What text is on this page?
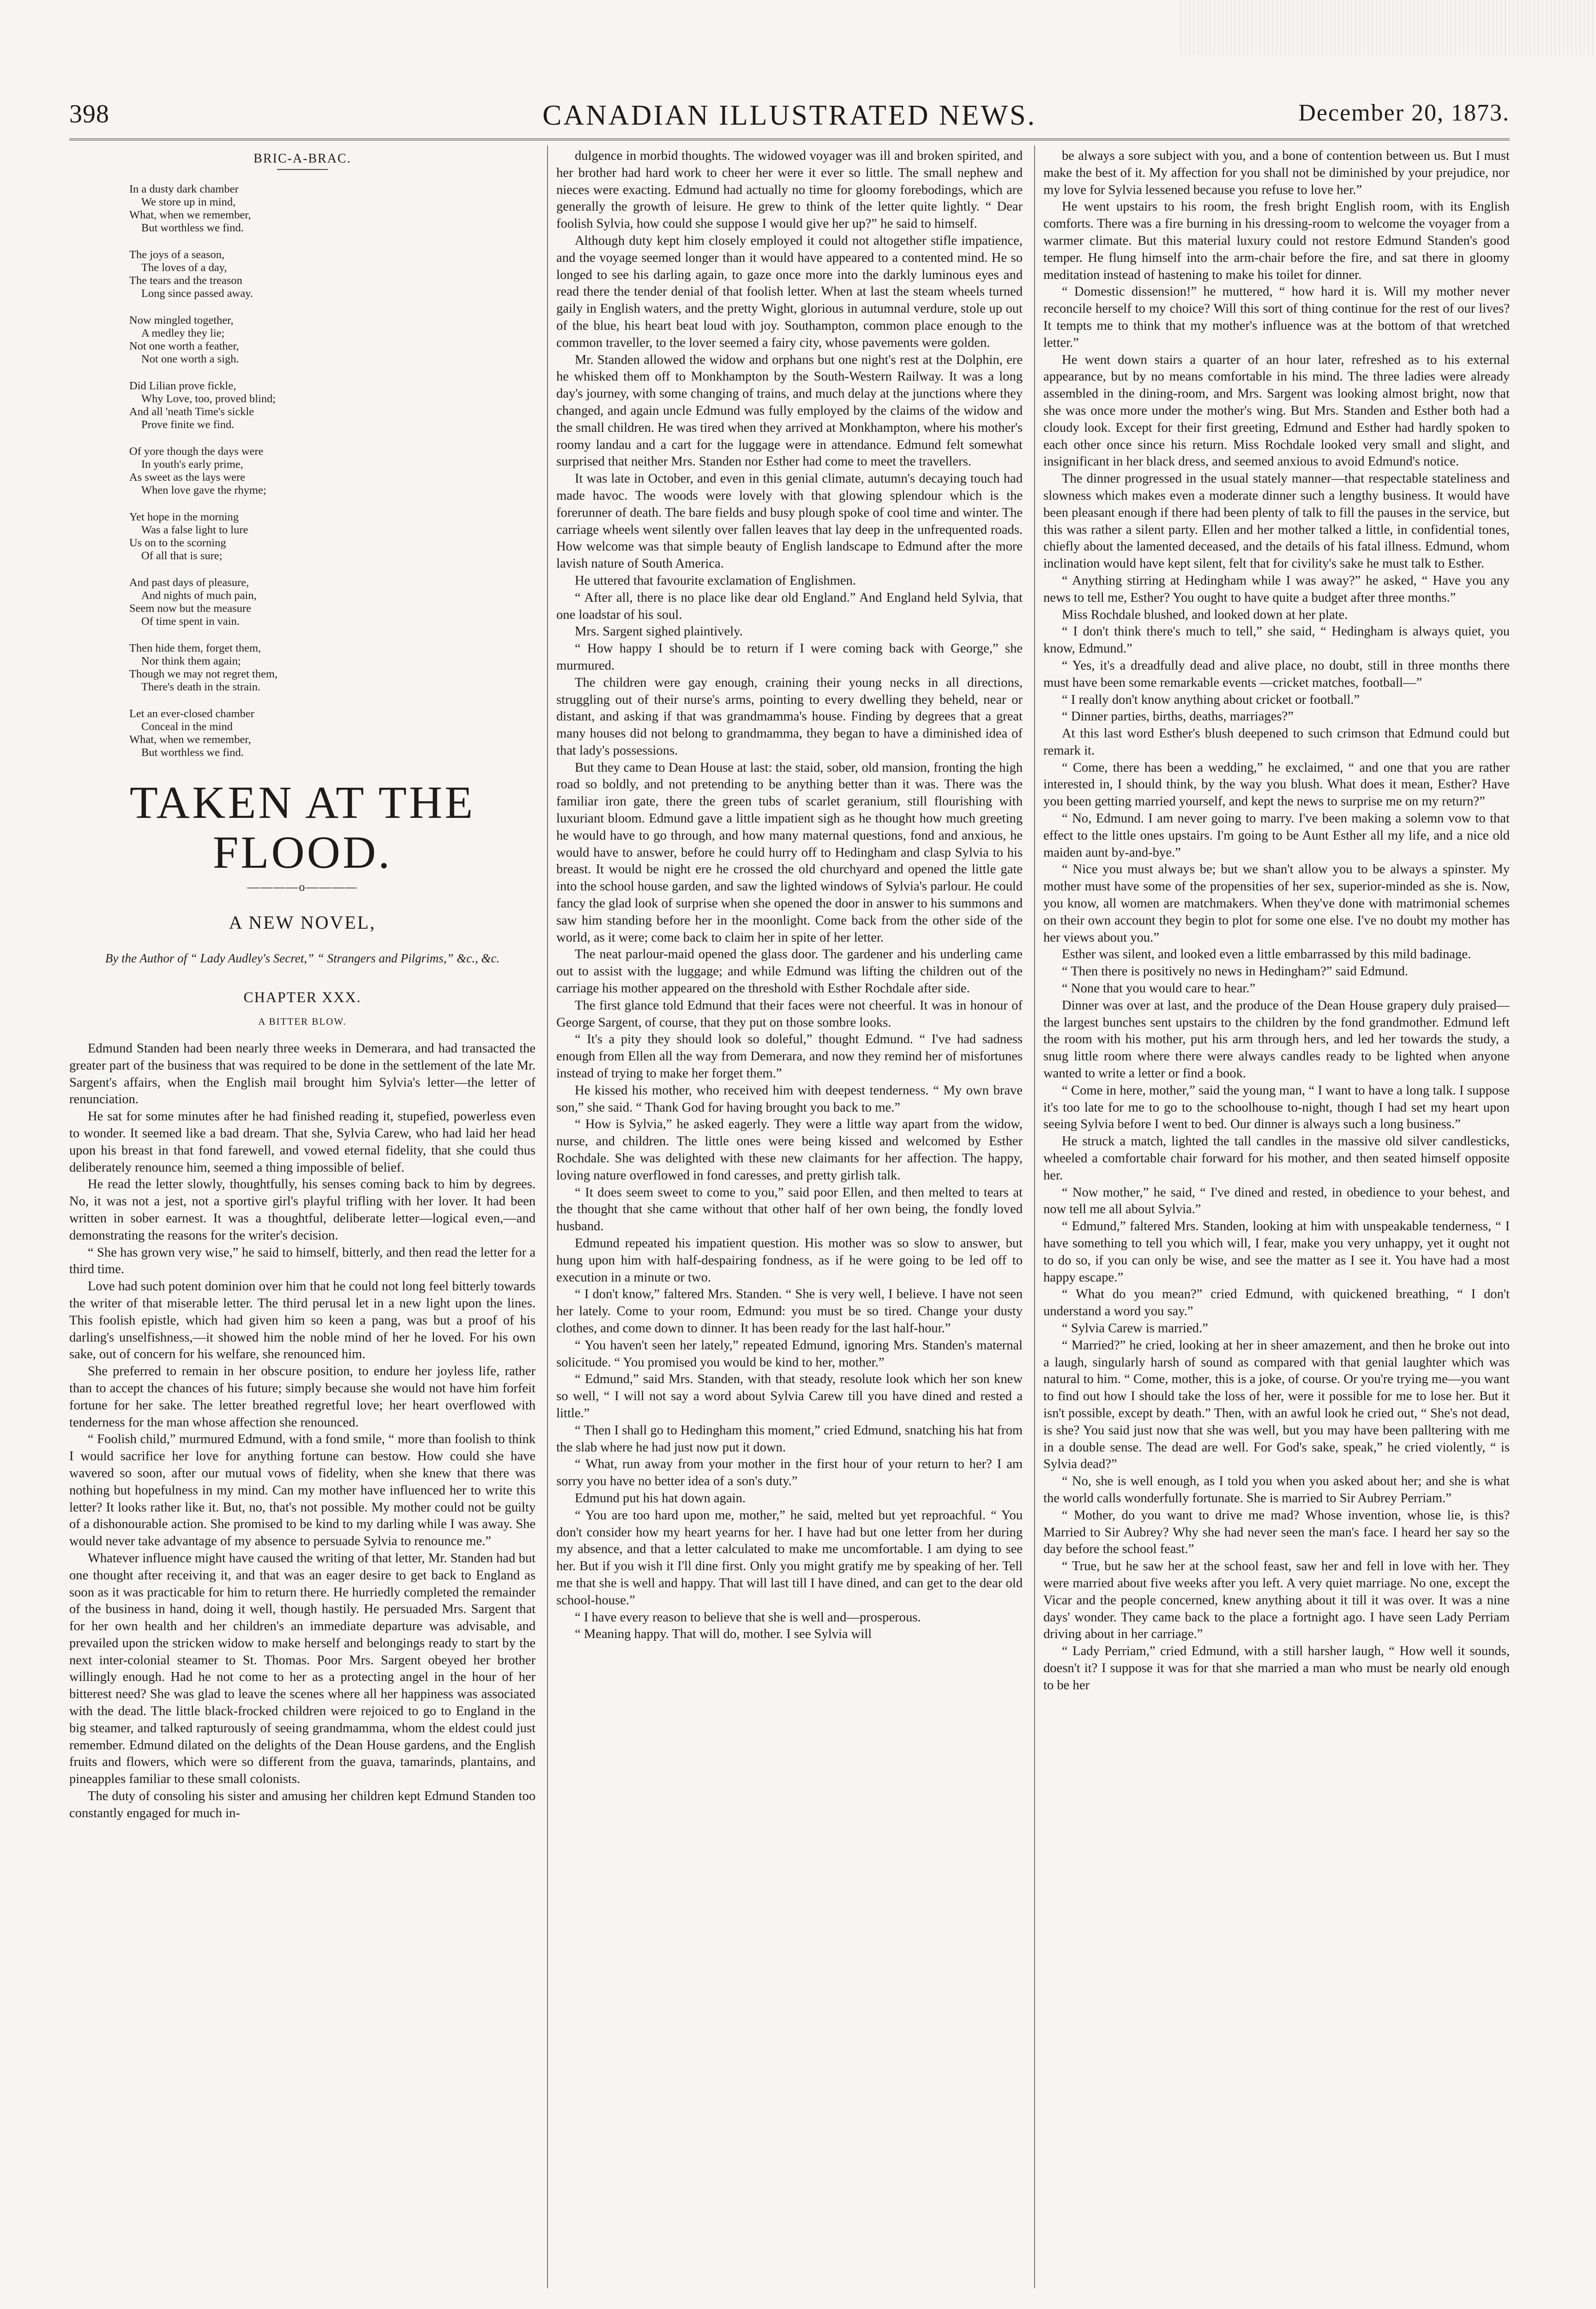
398	CANADIAN ILLUSTRATED NEWS.	December 20, 1873.
BRIC-A-BRAC.
In a dusty dark chamber
We store up in mind,
What, when we remember,
But worthless we find.
The joys of a season,
The loves of a day,
The tears and the treason
Long since passed away.
Now mingled together,
A medley they lie;
Not one worth a feather,
Not one worth a sigh.
Did Lilian prove fickle,
Why Love, too, proved blind;
And all 'neath Time's sickle
Prove finite we find.
Of yore though the days were
In youth's early prime,
As sweet as the lays were
When love gave the rhyme;
Yet hope in the morning
Was a false light to lure
Us on to the scorning
Of all that is sure;
And past days of pleasure,
And nights of much pain,
Seem now but the measure
Of time spent in vain.
Then hide them, forget them,
Nor think them again;
Though we may not regret them,
There's death in the strain.
Let an ever-closed chamber
Conceal in the mind
What, when we remember,
But worthless we find.
TAKEN AT THE FLOOD.
————o————
A NEW NOVEL,
By the Author of “ Lady Audley's Secret,” “ Strangers and Pilgrims,” &c., &c.
CHAPTER XXX.
A BITTER BLOW.

Edmund Standen had been nearly three weeks in Demerara, and had transacted the greater part of the business that was required to be done in the settlement of the late Mr. Sargent's affairs, when the English mail brought him Sylvia's letter—the letter of renunciation.

He sat for some minutes after he had finished reading it, stupefied, powerless even to wonder. It seemed like a bad dream. That she, Sylvia Carew, who had laid her head upon his breast in that fond farewell, and vowed eternal fidelity, that she could thus deliberately renounce him, seemed a thing impossible of belief.

He read the letter slowly, thoughtfully, his senses coming back to him by degrees. No, it was not a jest, not a sportive girl's playful trifling with her lover. It had been written in sober earnest. It was a thoughtful, deliberate letter—logical even,—and demonstrating the reasons for the writer's decision.

“ She has grown very wise,” he said to himself, bitterly, and then read the letter for a third time.

Love had such potent dominion over him that he could not long feel bitterly towards the writer of that miserable letter. The third perusal let in a new light upon the lines. This foolish epistle, which had given him so keen a pang, was but a proof of his darling's unselfishness,—it showed him the noble mind of her he loved. For his own sake, out of concern for his welfare, she renounced him.

She preferred to remain in her obscure position, to endure her joyless life, rather than to accept the chances of his future; simply because she would not have him forfeit fortune for her sake. The letter breathed regretful love; her heart overflowed with tenderness for the man whose affection she renounced.

“ Foolish child,” murmured Edmund, with a fond smile, “ more than foolish to think I would sacrifice her love for anything fortune can bestow. How could she have wavered so soon, after our mutual vows of fidelity, when she knew that there was nothing but hopefulness in my mind. Can my mother have influenced her to write this letter? It looks rather like it. But, no, that's not possible. My mother could not be guilty of a dishonourable action. She promised to be kind to my darling while I was away. She would never take advantage of my absence to persuade Sylvia to renounce me.”

Whatever influence might have caused the writing of that letter, Mr. Standen had but one thought after receiving it, and that was an eager desire to get back to England as soon as it was practicable for him to return there. He hurriedly completed the remainder of the business in hand, doing it well, though hastily. He persuaded Mrs. Sargent that for her own health and her children's an immediate departure was advisable, and prevailed upon the stricken widow to make herself and belongings ready to start by the next inter-colonial steamer to St. Thomas. Poor Mrs. Sargent obeyed her brother willingly enough. Had he not come to her as a protecting angel in the hour of her bitterest need? She was glad to leave the scenes where all her happiness was associated with the dead. The little black-frocked children were rejoiced to go to England in the big steamer, and talked rapturously of seeing grandmamma, whom the eldest could just remember. Edmund dilated on the delights of the Dean House gardens, and the English fruits and flowers, which were so different from the guava, tamarinds, plantains, and pineapples familiar to these small colonists.

The duty of consoling his sister and amusing her children kept Edmund Standen too constantly engaged for much in-

dulgence in morbid thoughts. The widowed voyager was ill and broken spirited, and her brother had hard work to cheer her were it ever so little. The small nephew and nieces were exacting. Edmund had actually no time for gloomy forebodings, which are generally the growth of leisure. He grew to think of the letter quite lightly. “ Dear foolish Sylvia, how could she suppose I would give her up?” he said to himself.

Although duty kept him closely employed it could not altogether stifle impatience, and the voyage seemed longer than it would have appeared to a contented mind. He so longed to see his darling again, to gaze once more into the darkly luminous eyes and read there the tender denial of that foolish letter. When at last the steam wheels turned gaily in English waters, and the pretty Wight, glorious in autumnal verdure, stole up out of the blue, his heart beat loud with joy. Southampton, common place enough to the common traveller, to the lover seemed a fairy city, whose pavements were golden.

Mr. Standen allowed the widow and orphans but one night's rest at the Dolphin, ere he whisked them off to Monkhampton by the South-Western Railway. It was a long day's journey, with some changing of trains, and much delay at the junctions where they changed, and again uncle Edmund was fully employed by the claims of the widow and the small children. He was tired when they arrived at Monkhampton, where his mother's roomy landau and a cart for the luggage were in attendance. Edmund felt somewhat surprised that neither Mrs. Standen nor Esther had come to meet the travellers.

It was late in October, and even in this genial climate, autumn's decaying touch had made havoc. The woods were lovely with that glowing splendour which is the forerunner of death. The bare fields and busy plough spoke of cool time and winter. The carriage wheels went silently over fallen leaves that lay deep in the unfrequented roads. How welcome was that simple beauty of English landscape to Edmund after the more lavish nature of South America.

He uttered that favourite exclamation of Englishmen.

“ After all, there is no place like dear old England.” And England held Sylvia, that one loadstar of his soul.

Mrs. Sargent sighed plaintively.

“ How happy I should be to return if I were coming back with George,” she murmured.

The children were gay enough, craining their young necks in all directions, struggling out of their nurse's arms, pointing to every dwelling they beheld, near or distant, and asking if that was grandmamma's house. Finding by degrees that a great many houses did not belong to grandmamma, they began to have a diminished idea of that lady's possessions.

But they came to Dean House at last: the staid, sober, old mansion, fronting the high road so boldly, and not pretending to be anything better than it was. There was the familiar iron gate, there the green tubs of scarlet geranium, still flourishing with luxuriant bloom. Edmund gave a little impatient sigh as he thought how much greeting he would have to go through, and how many maternal questions, fond and anxious, he would have to answer, before he could hurry off to Hedingham and clasp Sylvia to his breast. It would be night ere he crossed the old churchyard and opened the little gate into the school house garden, and saw the lighted windows of Sylvia's parlour. He could fancy the glad look of surprise when she opened the door in answer to his summons and saw him standing before her in the moonlight. Come back from the other side of the world, as it were; come back to claim her in spite of her letter.

The neat parlour-maid opened the glass door. The gardener and his underling came out to assist with the luggage; and while Edmund was lifting the children out of the carriage his mother appeared on the threshold with Esther Rochdale after side.

The first glance told Edmund that their faces were not cheerful. It was in honour of George Sargent, of course, that they put on those sombre looks.

“ It's a pity they should look so doleful,” thought Edmund. “ I've had sadness enough from Ellen all the way from Demerara, and now they remind her of misfortunes instead of trying to make her forget them.”

He kissed his mother, who received him with deepest tenderness. “ My own brave son,” she said. “ Thank God for having brought you back to me.”

“ How is Sylvia,” he asked eagerly. They were a little way apart from the widow, nurse, and children. The little ones were being kissed and welcomed by Esther Rochdale. She was delighted with these new claimants for her affection. The happy, loving nature overflowed in fond caresses, and pretty girlish talk.

“ It does seem sweet to come to you,” said poor Ellen, and then melted to tears at the thought that she came without that other half of her own being, the fondly loved husband.

Edmund repeated his impatient question. His mother was so slow to answer, but hung upon him with half-despairing fondness, as if he were going to be led off to execution in a minute or two.

“ I don't know,” faltered Mrs. Standen. “ She is very well, I believe. I have not seen her lately. Come to your room, Edmund: you must be so tired. Change your dusty clothes, and come down to dinner. It has been ready for the last half-hour.”

“ You haven't seen her lately,” repeated Edmund, ignoring Mrs. Standen's maternal solicitude. “ You promised you would be kind to her, mother.”

“ Edmund,” said Mrs. Standen, with that steady, resolute look which her son knew so well, “ I will not say a word about Sylvia Carew till you have dined and rested a little.”

“ Then I shall go to Hedingham this moment,” cried Edmund, snatching his hat from the slab where he had just now put it down.

“ What, run away from your mother in the first hour of your return to her? I am sorry you have no better idea of a son's duty.”

Edmund put his hat down again.

“ You are too hard upon me, mother,” he said, melted but yet reproachful. “ You don't consider how my heart yearns for her. I have had but one letter from her during my absence, and that a letter calculated to make me uncomfortable. I am dying to see her. But if you wish it I'll dine first. Only you might gratify me by speaking of her. Tell me that she is well and happy. That will last till I have dined, and can get to the dear old school-house.”

“ I have every reason to believe that she is well and—prosperous.

“ Meaning happy. That will do, mother. I see Sylvia will

be always a sore subject with you, and a bone of contention between us. But I must make the best of it. My affection for you shall not be diminished by your prejudice, nor my love for Sylvia lessened because you refuse to love her.”

He went upstairs to his room, the fresh bright English room, with its English comforts. There was a fire burning in his dressing-room to welcome the voyager from a warmer climate. But this material luxury could not restore Edmund Standen's good temper. He flung himself into the arm-chair before the fire, and sat there in gloomy meditation instead of hastening to make his toilet for dinner.

“ Domestic dissension!” he muttered, “ how hard it is. Will my mother never reconcile herself to my choice? Will this sort of thing continue for the rest of our lives? It tempts me to think that my mother's influence was at the bottom of that wretched letter.”

He went down stairs a quarter of an hour later, refreshed as to his external appearance, but by no means comfortable in his mind. The three ladies were already assembled in the dining-room, and Mrs. Sargent was looking almost bright, now that she was once more under the mother's wing. But Mrs. Standen and Esther both had a cloudy look. Except for their first greeting, Edmund and Esther had hardly spoken to each other once since his return. Miss Rochdale looked very small and slight, and insignificant in her black dress, and seemed anxious to avoid Edmund's notice.

The dinner progressed in the usual stately manner—that respectable stateliness and slowness which makes even a moderate dinner such a lengthy business. It would have been pleasant enough if there had been plenty of talk to fill the pauses in the service, but this was rather a silent party. Ellen and her mother talked a little, in confidential tones, chiefly about the lamented deceased, and the details of his fatal illness. Edmund, whom inclination would have kept silent, felt that for civility's sake he must talk to Esther.

“ Anything stirring at Hedingham while I was away?” he asked, “ Have you any news to tell me, Esther? You ought to have quite a budget after three months.”

Miss Rochdale blushed, and looked down at her plate.

“ I don't think there's much to tell,” she said, “ Hedingham is always quiet, you know, Edmund.”

“ Yes, it's a dreadfully dead and alive place, no doubt, still in three months there must have been some remarkable events —cricket matches, football—”

“ I really don't know anything about cricket or football.”

“ Dinner parties, births, deaths, marriages?”

At this last word Esther's blush deepened to such crimson that Edmund could but remark it.

“ Come, there has been a wedding,” he exclaimed, “ and one that you are rather interested in, I should think, by the way you blush. What does it mean, Esther? Have you been getting married yourself, and kept the news to surprise me on my return?”

“ No, Edmund. I am never going to marry. I've been making a solemn vow to that effect to the little ones upstairs. I'm going to be Aunt Esther all my life, and a nice old maiden aunt by-and-bye.”

“ Nice you must always be; but we shan't allow you to be always a spinster. My mother must have some of the propensities of her sex, superior-minded as she is. Now, you know, all women are matchmakers. When they've done with matrimonial schemes on their own account they begin to plot for some one else. I've no doubt my mother has her views about you.”

Esther was silent, and looked even a little embarrassed by this mild badinage.

“ Then there is positively no news in Hedingham?” said Edmund.

“ None that you would care to hear.”

Dinner was over at last, and the produce of the Dean House grapery duly praised—the largest bunches sent upstairs to the children by the fond grandmother. Edmund left the room with his mother, put his arm through hers, and led her towards the study, a snug little room where there were always candles ready to be lighted when anyone wanted to write a letter or find a book.

“ Come in here, mother,” said the young man, “ I want to have a long talk. I suppose it's too late for me to go to the schoolhouse to-night, though I had set my heart upon seeing Sylvia before I went to bed. Our dinner is always such a long business.”

He struck a match, lighted the tall candles in the massive old silver candlesticks, wheeled a comfortable chair forward for his mother, and then seated himself opposite her.

“ Now mother,” he said, “ I've dined and rested, in obedience to your behest, and now tell me all about Sylvia.”

“ Edmund,” faltered Mrs. Standen, looking at him with unspeakable tenderness, “ I have something to tell you which will, I fear, make you very unhappy, yet it ought not to do so, if you can only be wise, and see the matter as I see it. You have had a most happy escape.”

“ What do you mean?” cried Edmund, with quickened breathing, “ I don't understand a word you say.”

“ Sylvia Carew is married.”

“ Married?” he cried, looking at her in sheer amazement, and then he broke out into a laugh, singularly harsh of sound as compared with that genial laughter which was natural to him. “ Come, mother, this is a joke, of course. Or you're trying me—you want to find out how I should take the loss of her, were it possible for me to lose her. But it isn't possible, except by death.” Then, with an awful look he cried out, “ She's not dead, is she? You said just now that she was well, but you may have been palltering with me in a double sense. The dead are well. For God's sake, speak,” he cried violently, “ is Sylvia dead?”

“ No, she is well enough, as I told you when you asked about her; and she is what the world calls wonderfully fortunate. She is married to Sir Aubrey Perriam.”

“ Mother, do you want to drive me mad? Whose invention, whose lie, is this? Married to Sir Aubrey? Why she had never seen the man's face. I heard her say so the day before the school feast.”

“ True, but he saw her at the school feast, saw her and fell in love with her. They were married about five weeks after you left. A very quiet marriage. No one, except the Vicar and the people concerned, knew anything about it till it was over. It was a nine days' wonder. They came back to the place a fortnight ago. I have seen Lady Perriam driving about in her carriage.”

“ Lady Perriam,” cried Edmund, with a still harsher laugh, “ How well it sounds, doesn't it? I suppose it was for that she married a man who must be nearly old enough to be her
